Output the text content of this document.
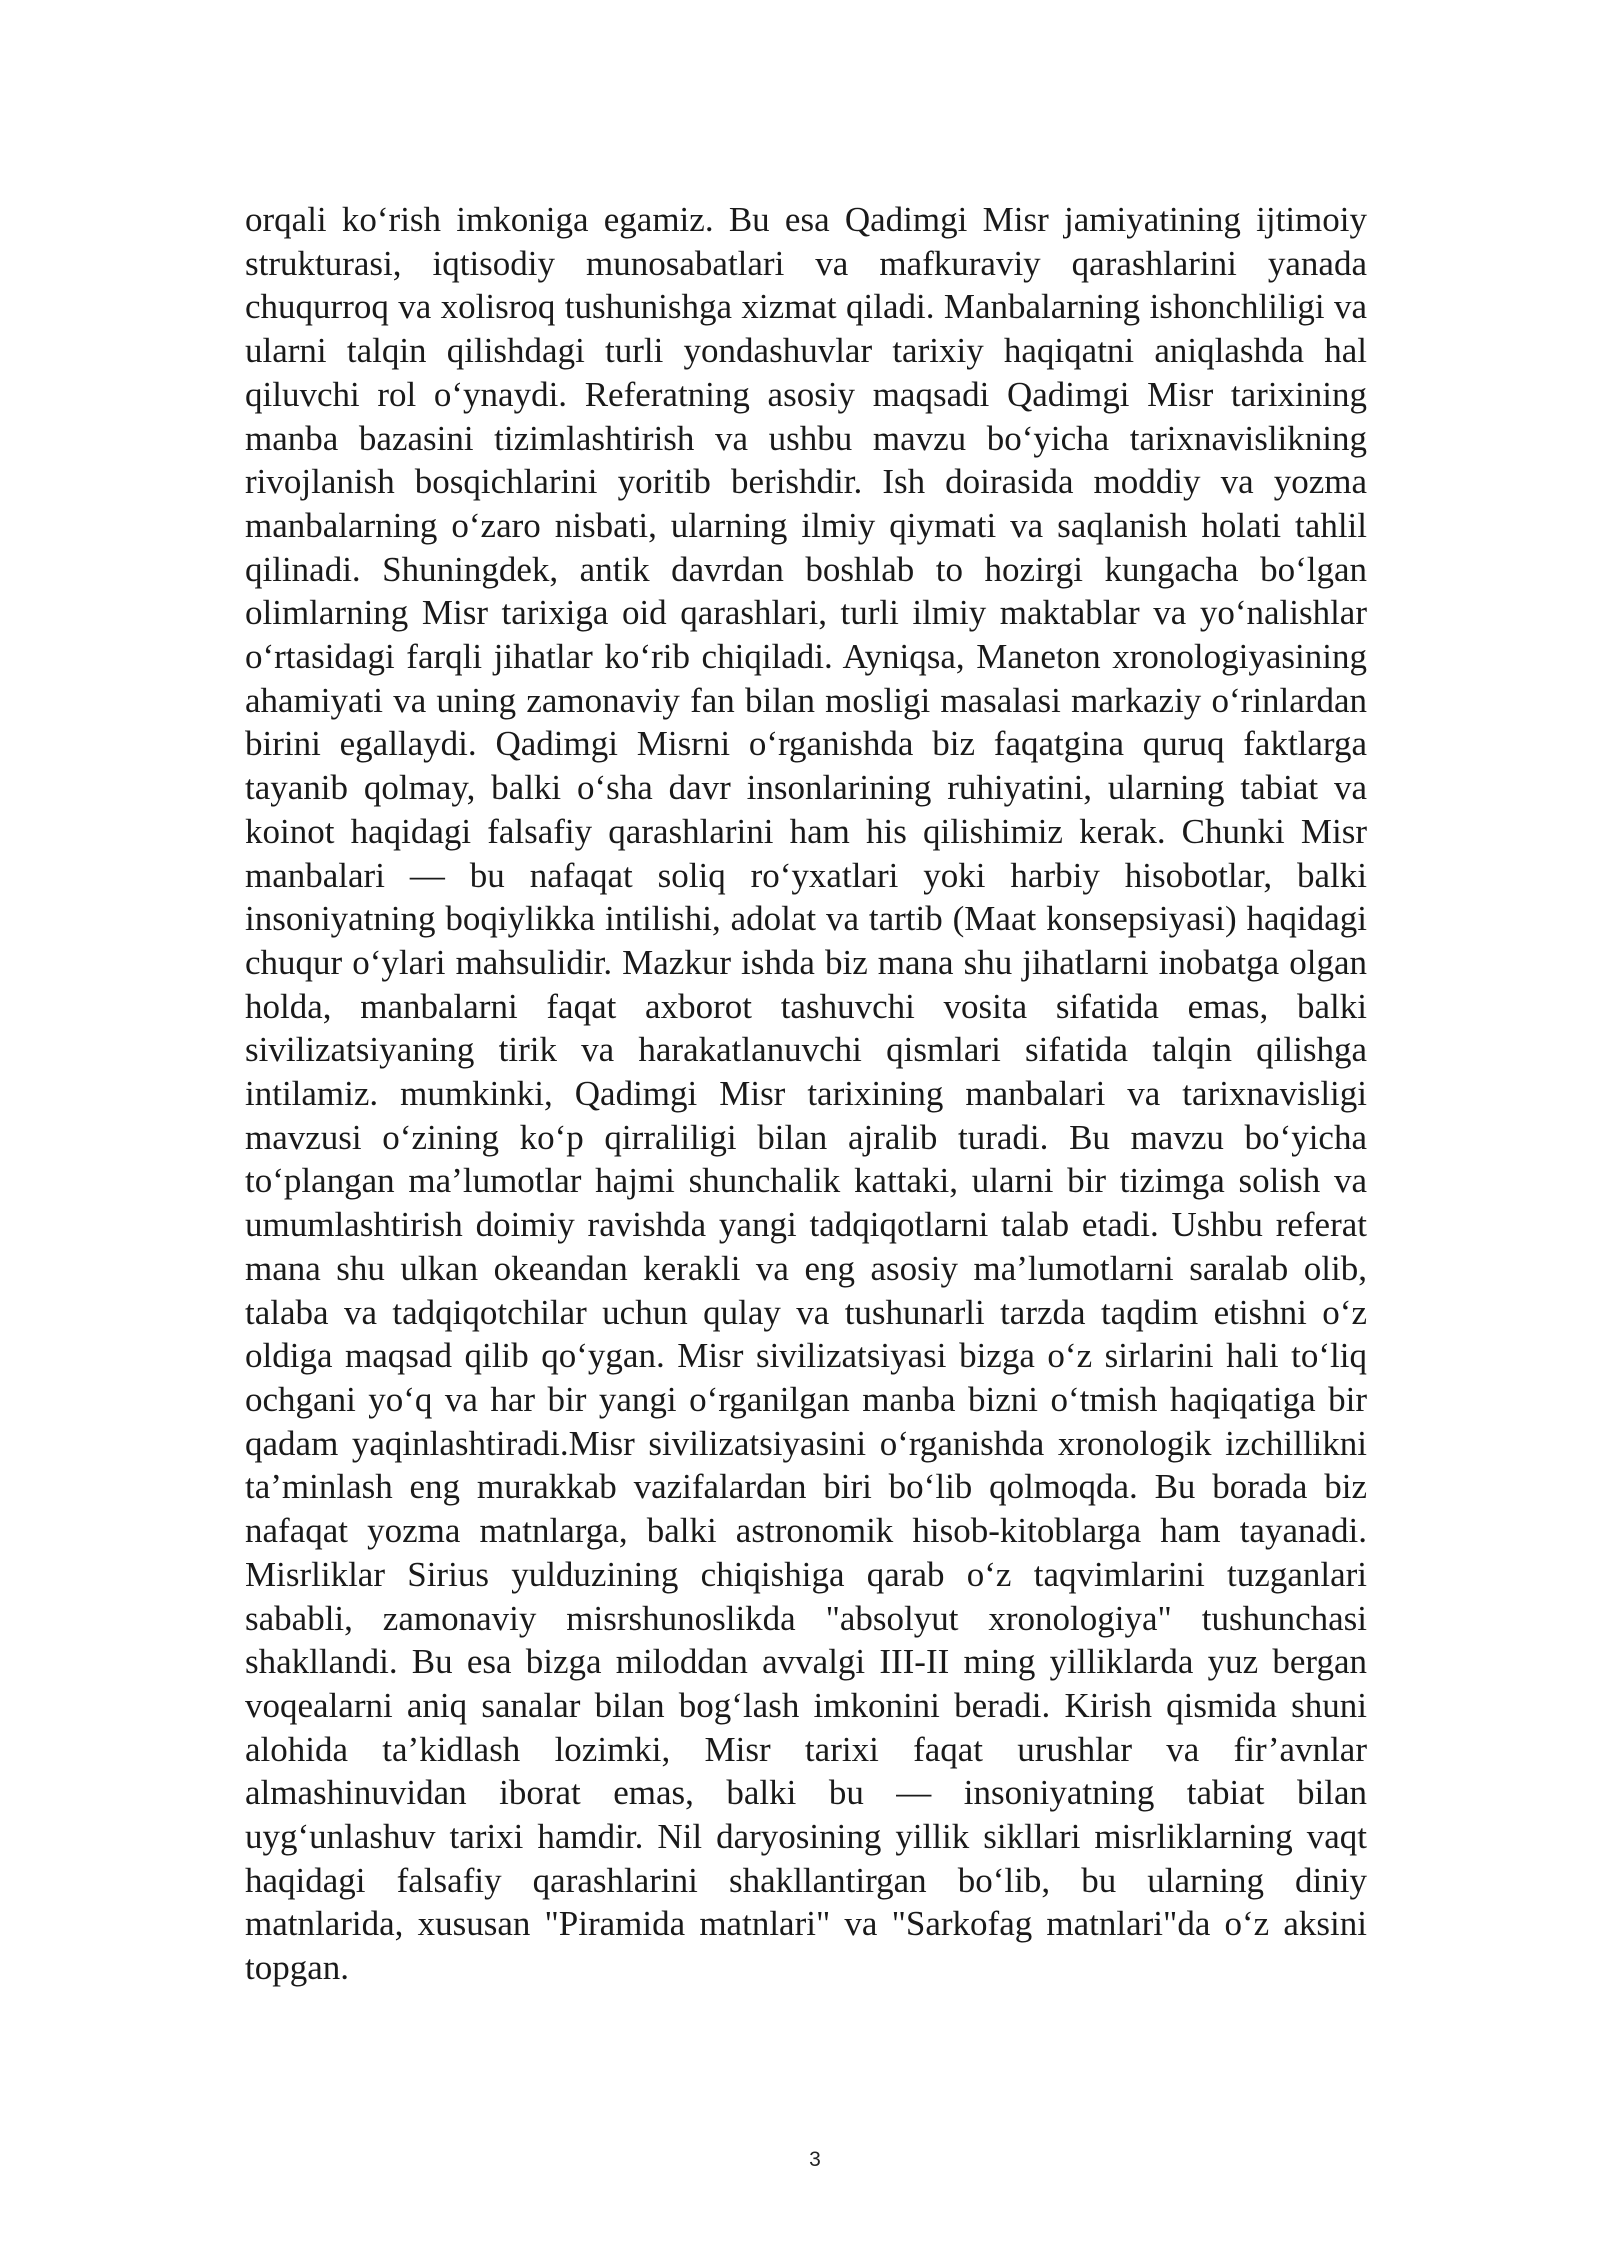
orqali ko‘rish imkoniga egamiz. Bu esa Qadimgi Misr jamiyatining ijtimoiy strukturasi, iqtisodiy munosabatlari va mafkuraviy qarashlarini yanada chuqurroq va xolisroq tushunishga xizmat qiladi. Manbalarning ishonchliligi va ularni talqin qilishdagi turli yondashuvlar tarixiy haqiqatni aniqlashda hal qiluvchi rol o‘ynaydi. Referatning asosiy maqsadi Qadimgi Misr tarixining manba bazasini tizimlashtirish va ushbu mavzu bo‘yicha tarixnavislikning rivojlanish bosqichlarini yoritib berishdir. Ish doirasida moddiy va yozma manbalarning o‘zaro nisbati, ularning ilmiy qiymati va saqlanish holati tahlil qilinadi. Shuningdek, antik davrdan boshlab to hozirgi kungacha bo‘lgan olimlarning Misr tarixiga oid qarashlari, turli ilmiy maktablar va yo‘nalishlar o‘rtasidagi farqli jihatlar ko‘rib chiqiladi. Ayniqsa, Maneton xronologiyasining ahamiyati va uning zamonaviy fan bilan mosligi masalasi markaziy o‘rinlardan birini egallaydi. Qadimgi Misrni o‘rganishda biz faqatgina quruq faktlarga tayanib qolmay, balki o‘sha davr insonlarining ruhiyatini, ularning tabiat va koinot haqidagi falsafiy qarashlarini ham his qilishimiz kerak. Chunki Misr manbalari — bu nafaqat soliq ro‘yxatlari yoki harbiy hisobotlar, balki insoniyatning boqiylikka intilishi, adolat va tartib (Maat konsepsiyasi) haqidagi chuqur o‘ylari mahsulidir. Mazkur ishda biz mana shu jihatlarni inobatga olgan holda, manbalarni faqat axborot tashuvchi vosita sifatida emas, balki sivilizatsiyaning tirik va harakatlanuvchi qismlari sifatida talqin qilishga intilamiz. mumkinki, Qadimgi Misr tarixining manbalari va tarixnavisligi mavzusi o‘zining ko‘p qirraliligi bilan ajralib turadi. Bu mavzu bo‘yicha to‘plangan ma’lumotlar hajmi shunchalik kattaki, ularni bir tizimga solish va umumlashtirish doimiy ravishda yangi tadqiqotlarni talab etadi. Ushbu referat mana shu ulkan okeandan kerakli va eng asosiy ma’lumotlarni saralab olib, talaba va tadqiqotchilar uchun qulay va tushunarli tarzda taqdim etishni o‘z oldiga maqsad qilib qo‘ygan. Misr sivilizatsiyasi bizga o‘z sirlarini hali to‘liq ochgani yo‘q va har bir yangi o‘rganilgan manba bizni o‘tmish haqiqatiga bir qadam yaqinlashtiradi.Misr sivilizatsiyasini o‘rganishda xronologik izchillikni ta’minlash eng murakkab vazifalardan biri bo‘lib qolmoqda. Bu borada biz nafaqat yozma matnlarga, balki astronomik hisob-kitoblarga ham tayanadi. Misrliklar Sirius yulduzining chiqishiga qarab o‘z taqvimlarini tuzganlari sababli, zamonaviy misrshunoslikda "absolyut xronologiya" tushunchasi shakllandi. Bu esa bizga miloddan avvalgi III-II ming yilliklarda yuz bergan voqealarni aniq sanalar bilan bog‘lash imkonini beradi. Kirish qismida shuni alohida ta’kidlash lozimki, Misr tarixi faqat urushlar va fir’avnlar almashinuvidan iborat emas, balki bu — insoniyatning tabiat bilan uyg‘unlashuv tarixi hamdir. Nil daryosining yillik sikllari misrliklarning vaqt haqidagi falsafiy qarashlarini shakllantirgan bo‘lib, bu ularning diniy matnlarida, xususan "Piramida matnlari" va "Sarkofag matnlari"da o‘z aksini topgan.

3
